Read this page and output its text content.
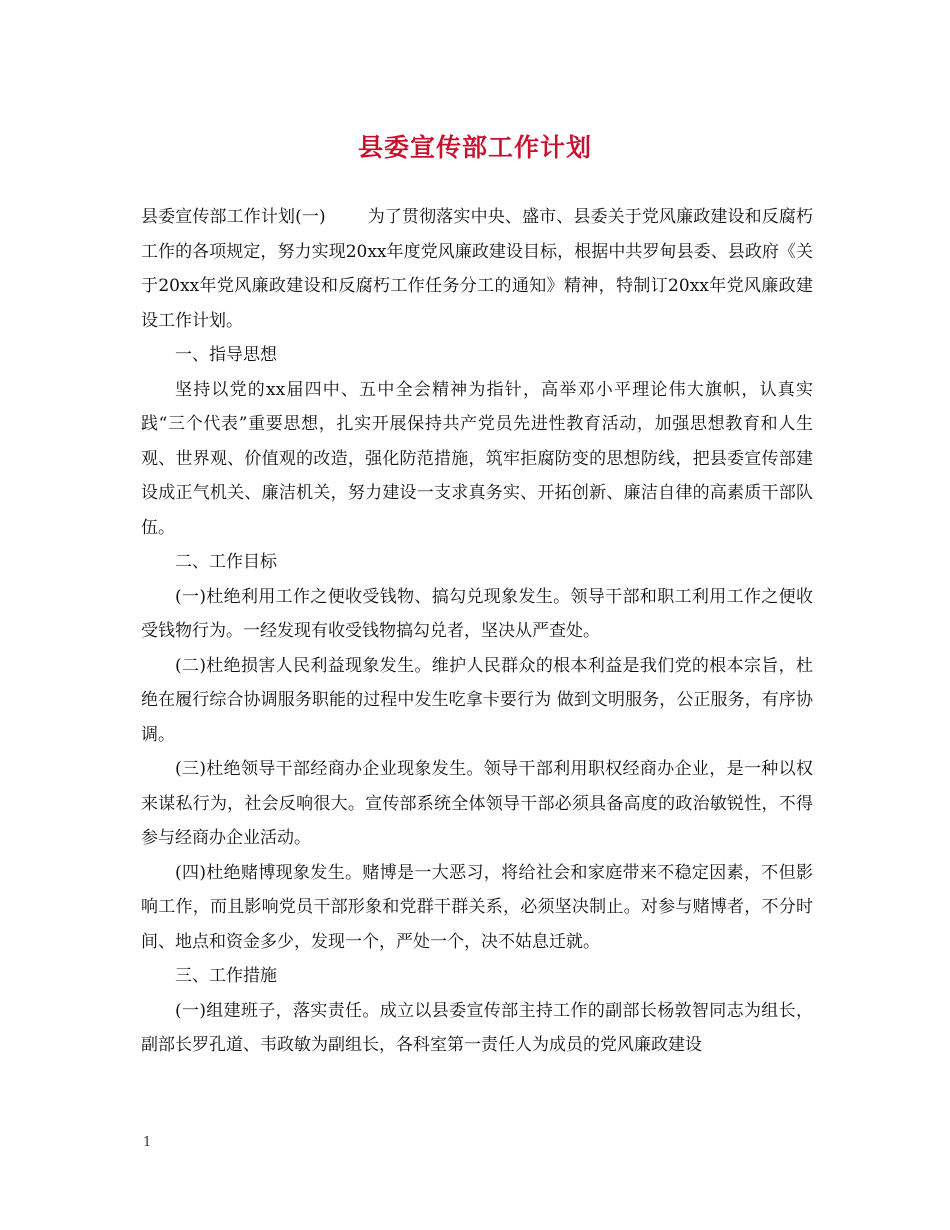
县委宣传部工作计划

县委宣传部工作计划(一) 为了贯彻落实中央、盛市、县委关于党风廉政建设和反腐朽工作的各项规定，努力实现20xx年度党风廉政建设目标，根据中共罗甸县委、县政府《关于20xx年党风廉政建设和反腐朽工作任务分工的通知》精神，特制订20xx年党风廉政建设工作计划。

一、指导思想

坚持以党的xx届四中、五中全会精神为指针，高举邓小平理论伟大旗帜，认真实践“三个代表”重要思想，扎实开展保持共产党员先进性教育活动，加强思想教育和人生观、世界观、价值观的改造，强化防范措施，筑牢拒腐防变的思想防线，把县委宣传部建设成正气机关、廉洁机关，努力建设一支求真务实、开拓创新、廉洁自律的高素质干部队伍。

二、工作目标

(一)杜绝利用工作之便收受钱物、搞勾兑现象发生。领导干部和职工利用工作之便收受钱物行为。一经发现有收受钱物搞勾兑者，坚决从严查处。

(二)杜绝损害人民利益现象发生。维护人民群众的根本利益是我们党的根本宗旨，杜绝在履行综合协调服务职能的过程中发生吃拿卡要行为 做到文明服务，公正服务，有序协调。

(三)杜绝领导干部经商办企业现象发生。领导干部利用职权经商办企业，是一种以权来谋私行为，社会反响很大。宣传部系统全体领导干部必须具备高度的政治敏锐性，不得参与经商办企业活动。

(四)杜绝赌博现象发生。赌博是一大恶习，将给社会和家庭带来不稳定因素，不但影响工作，而且影响党员干部形象和党群干群关系，必须坚决制止。对参与赌博者，不分时间、地点和资金多少，发现一个，严处一个，决不姑息迁就。

三、工作措施

(一)组建班子，落实责任。成立以县委宣传部主持工作的副部长杨敦智同志为组长，副部长罗孔道、韦政敏为副组长，各科室第一责任人为成员的党风廉政建设

1
